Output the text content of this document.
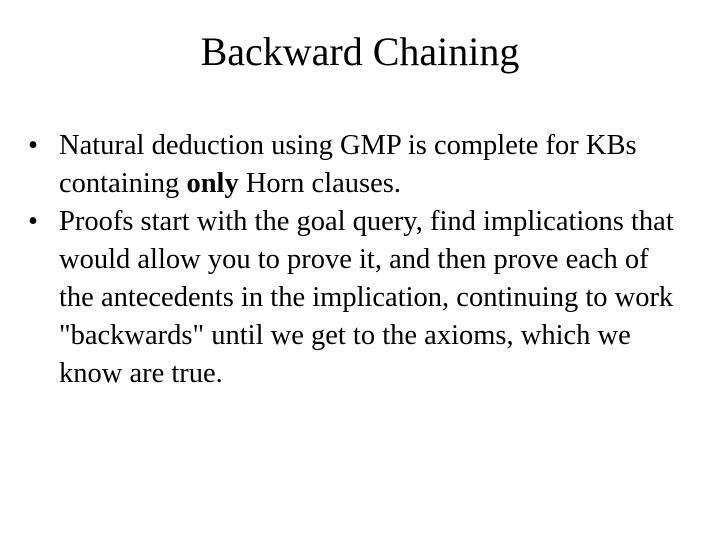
Backward Chaining
• Natural deduction using GMP is complete for KBs containing only Horn clauses.
• Proofs start with the goal query, find implications that would allow you to prove it, and then prove each of the antecedents in the implication, continuing to work "backwards" until we get to the axioms, which we know are true.
